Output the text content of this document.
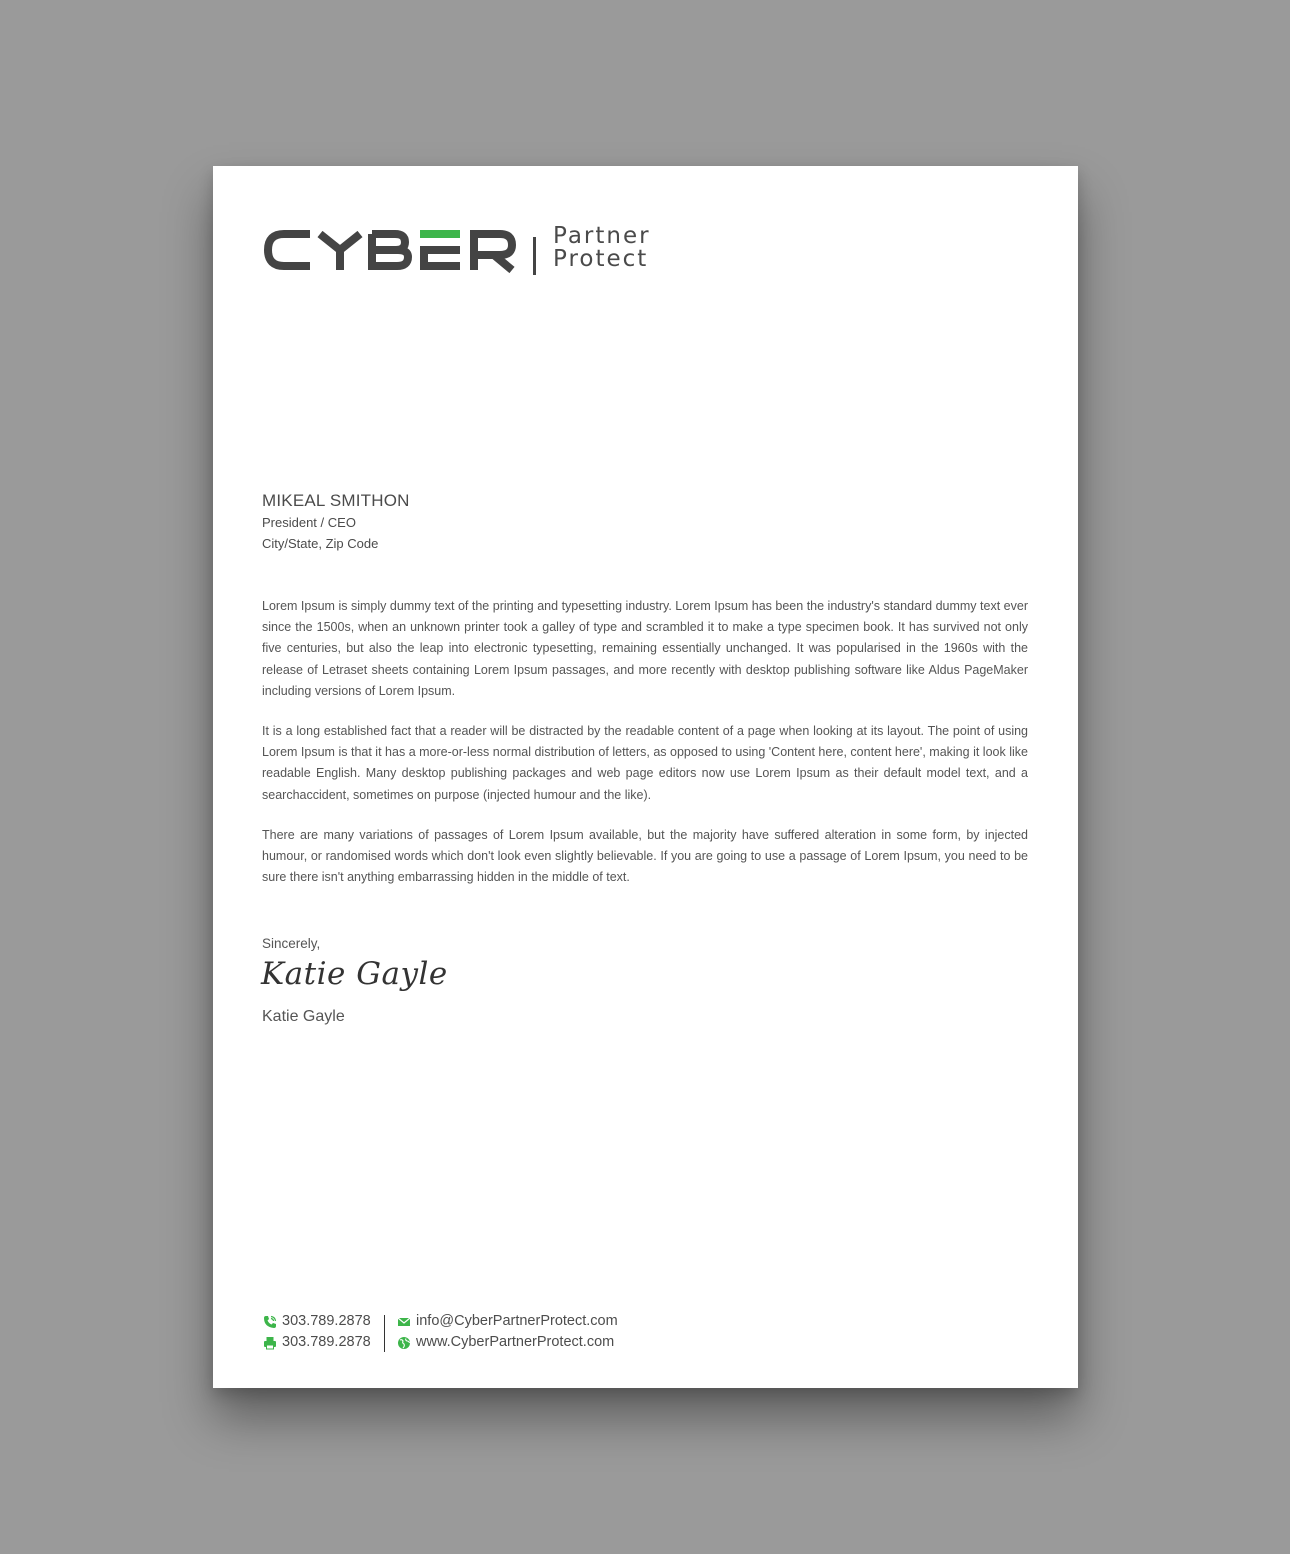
Partner
Protect
MIKEAL SMITHON
President / CEO
City/State, Zip Code

Lorem Ipsum is simply dummy text of the printing and typesetting industry. Lorem Ipsum has been the industry's standard dummy text ever since the 1500s, when an unknown printer took a galley of type and scrambled it to make a type specimen book. It has survived not only five centuries, but also the leap into electronic typesetting, remaining essentially unchanged. It was popularised in the 1960s with the release of Letraset sheets containing Lorem Ipsum passages, and more recently with desktop publishing software like Aldus PageMaker including versions of Lorem Ipsum.

It is a long established fact that a reader will be distracted by the readable content of a page when looking at its layout. The point of using Lorem Ipsum is that it has a more-or-less normal distribution of letters, as opposed to using 'Content here, content here', making it look like readable English. Many desktop publishing packages and web page editors now use Lorem Ipsum as their default model text, and a searchaccident, sometimes on purpose (injected humour and the like).

There are many variations of passages of Lorem Ipsum available, but the majority have suffered alteration in some form, by injected humour, or randomised words which don't look even slightly believable. If you are going to use a passage of Lorem Ipsum, you need to be sure there isn't anything embarrassing hidden in the middle of text.

Sincerely,
Katie Gayle
Katie Gayle
303.789.2878
303.789.2878
info@CyberPartnerProtect.com
www.CyberPartnerProtect.com
